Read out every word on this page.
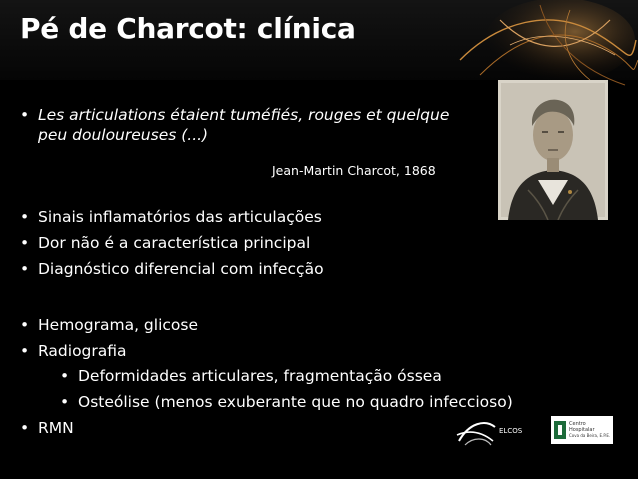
Pé de Charcot: clínica
• Les articulations étaient tuméfiés, rouges et quelque peu douloureuses (...)
Jean-Martin Charcot, 1868
• Sinais inflamatórios das articulações
• Dor não é a característica principal
• Diagnóstico diferencial com infecção
• Hemograma, glicose
• Radiografia
• Deformidades articulares, fragmentação óssea
• Osteólise (menos exuberante que no quadro infeccioso)
• RMN	ELCOS
Centro
Hospitalar
Cova da Beira, E.P.E.
